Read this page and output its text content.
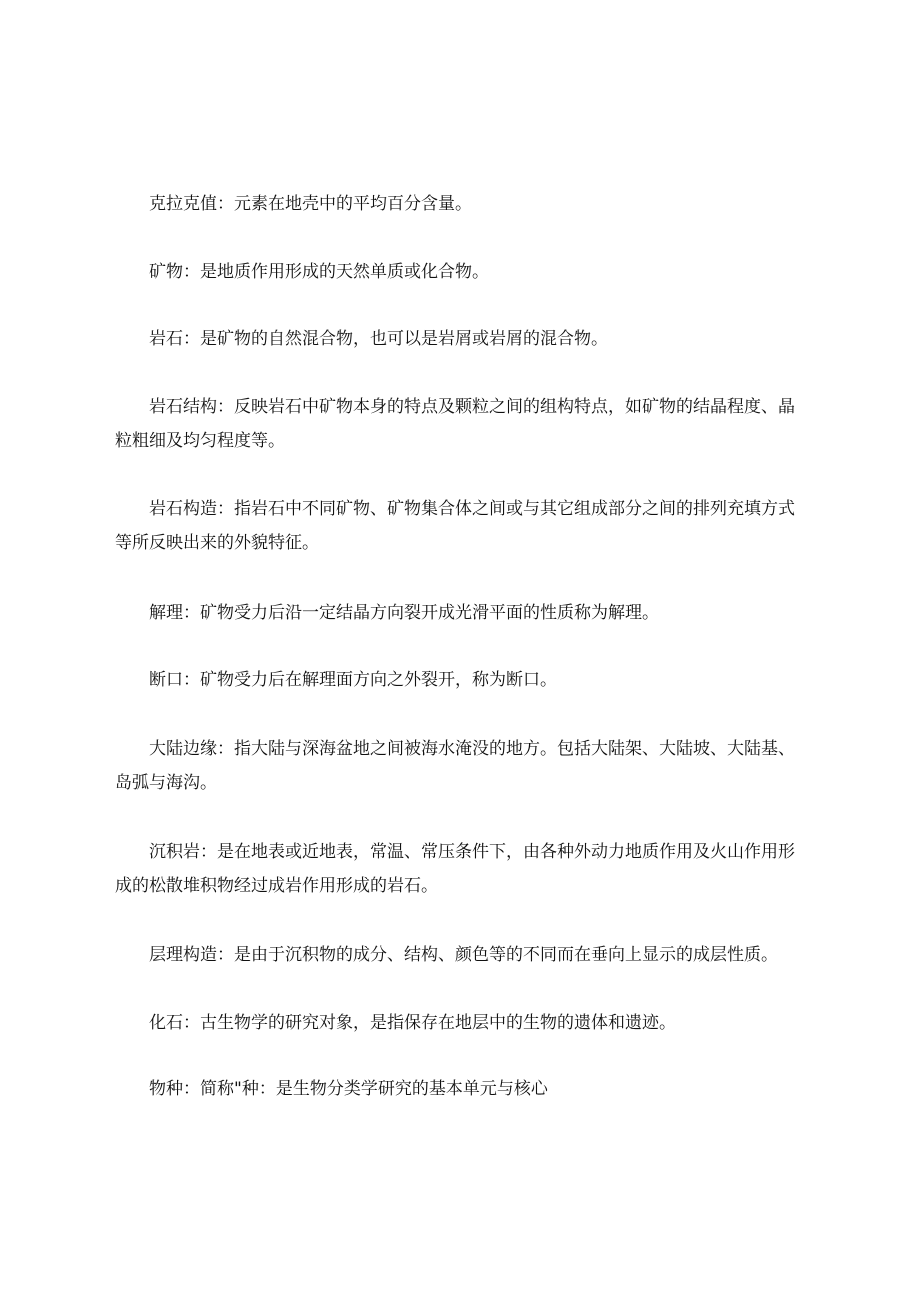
克拉克值：元素在地壳中的平均百分含量。

矿物：是地质作用形成的天然单质或化合物。

岩石：是矿物的自然混合物，也可以是岩屑或岩屑的混合物。

岩石结构：反映岩石中矿物本身的特点及颗粒之间的组构特点，如矿物的结晶程度、晶粒粗细及均匀程度等。

岩石构造：指岩石中不同矿物、矿物集合体之间或与其它组成部分之间的排列充填方式等所反映出来的外貌特征。

解理：矿物受力后沿一定结晶方向裂开成光滑平面的性质称为解理。

断口：矿物受力后在解理面方向之外裂开，称为断口。

大陆边缘：指大陆与深海盆地之间被海水淹没的地方。包括大陆架、大陆坡、大陆基、岛弧与海沟。

沉积岩：是在地表或近地表，常温、常压条件下，由各种外动力地质作用及火山作用形成的松散堆积物经过成岩作用形成的岩石。

层理构造：是由于沉积物的成分、结构、颜色等的不同而在垂向上显示的成层性质。

化石：古生物学的研究对象，是指保存在地层中的生物的遗体和遗迹。

物种：简称"种：是生物分类学研究的基本单元与核心
